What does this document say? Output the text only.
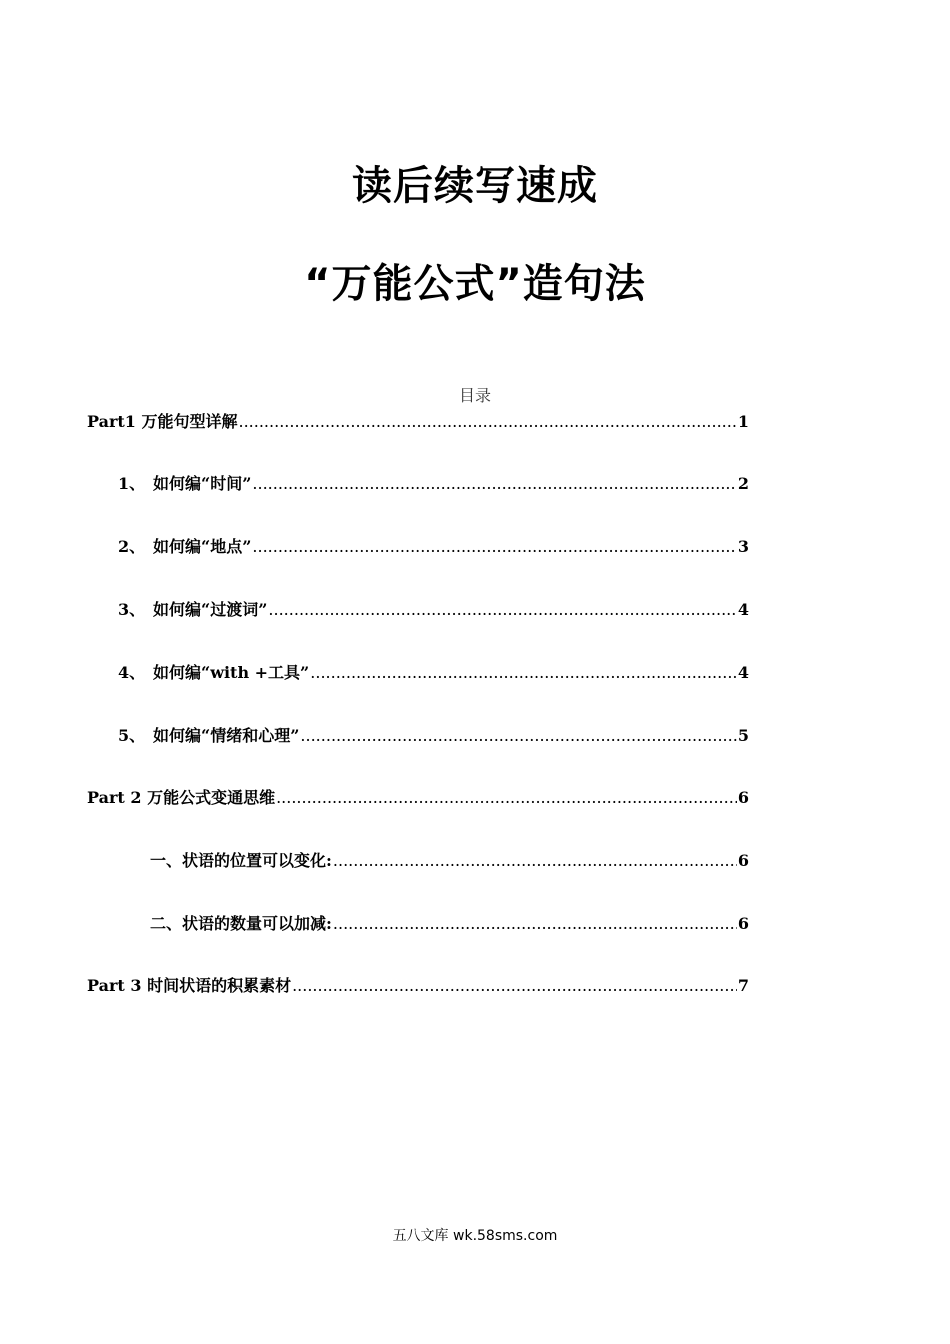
读后续写速成
“万能公式”造句法
目录
Part1 万能句型详解 .....	1
1、 如何编“时间” .....	2
2、 如何编“地点” .....	3
3、 如何编“过渡词” .....	4
4、 如何编“with +工具” .....	4
5、 如何编“情绪和心理” .....	5
Part 2 万能公式变通思维 .....	6
一、状语的位置可以变化: .....	6
二、状语的数量可以加减: .....	6
Part 3 时间状语的积累素材 .....	7
五八文库 wk.58sms.com
